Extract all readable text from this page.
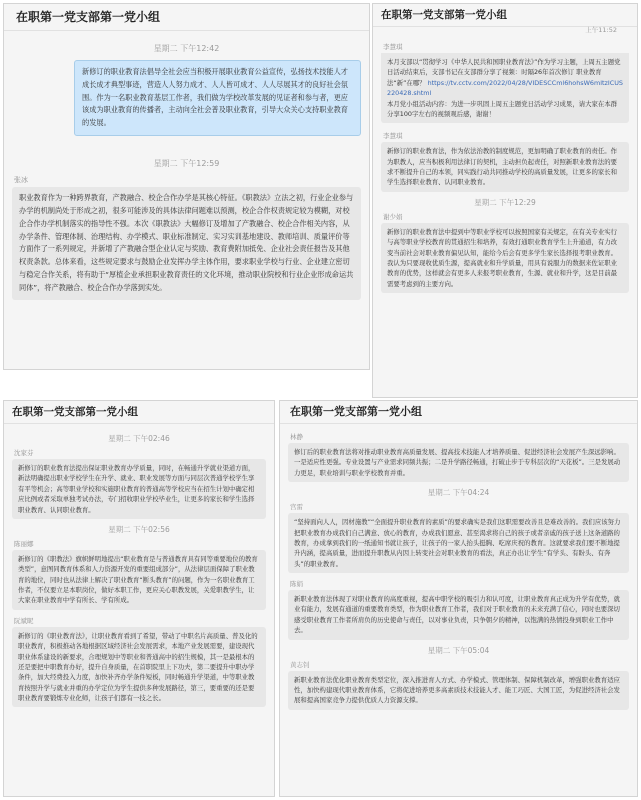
在职第一党支部第一党小组
星期二 下午12:42
新修订的职业教育法倡导全社会应当积极开展职业教育公益宣传，弘扬技术技能人才成长成才典型事迹，营造人人努力成才、人人皆可成才、人人尽展其才的良好社会氛围。作为一名职业教育基层工作者，我们做为学校改革发展的见证者和参与者，更应该成为职业教育的传播者，主动向全社会普及职业教育，引导大众关心支持职业教育的发展。
星期二 下午12:59
张冰
职业教育作为一种跨界教育，产教融合、校企合作办学是其核心特征。《职教法》立法之初，行业企业参与办学的机制尚处于形成之初，很多可能涉及的具体法律问题难以预测，校企合作权责规定较为模糊，对校企合作办学机制落实的指导性不强。本次《职教法》大幅修订及增加了产教融合、校企合作相关内容，从办学条件、管理体制、治理结构、办学模式、职业标准制定、实习实训基地建设、教师培训、质量评价等方面作了一系列规定，并新增了产教融合型企业认定与奖励、教育费附加抵免、企业社会责任报告及其他权责条款。总体来看，这些规定要求与鼓励企业发挥办学主体作用，要求职业学校与行业、企业建立密切与稳定合作关系，将有助于“厚植企业承担职业教育责任的文化环境，推动职业院校和行业企业形成命运共同体”，将产教融合、校企合作办学落到实处。
在职第一党支部第一党小组
上午11:52
李慧琪
本月支部以“贯彻学习《中华人民共和国职业教育法》”作为学习主题，上周五主题党日活动结束后，支部书记在支部群分享了视频：时隔26年首次修订 职业教育法“新”在哪？ https://tv.cctv.com/2022/04/28/VIDESCCml6hohsW6mltzICUS220428.shtml
本月党小组活动内容：为进一步巩固上周五主题党日活动学习成果，请大家在本群分享100字左右的视频观后感，谢谢！
李慧琪
新修订的职业教育法，作为依法治教的制度规范，更加明确了职业教育的责任。作为职教人，应当积极利用法律订的契机，主动担负起责任，对照新职业教育法的要求不断提升自己的本领，同实践行动共同推动学校的高质量发展，让更多的家长和学生选择职业教育、认同职业教育。
星期二 下午12:29
谢少娟
新修订的职业教育法中提到中等职业学校可以按照国家有关规定，在有关专业实行与高等职业学校教育的贯通招生和培养，有效打通职业教育学生上升通道，有力改变当前社会对职业教育偏见认知，能给今后会有更多学生家长选择报考职业教育。我认为只要现收优质生源，提高就业和升学质量，用具有说服力的数据来佐证职业教育的优势，这样就会有更多人来报考职业教育，生源、就业和升学，这是目前最需要考虑到的主要方向。
在职第一党支部第一党小组
星期二 下午02:46
沈家芬
新修订的职业教育法提出保证职业教育办学质量，同时，在畅通升学就业渠道方面，新法明确提出职业学校学生在升学、就业、职业发展等方面与同层次普通学校学生享有平等机会；高等职业学校和实施职业教育的普通高等学校应当在招生计划中确定相应比例或者采取单独考试办法，专门招收职业学校毕业生，让更多的家长和学生选择职业教育、认同职业教育。
星期二 下午02:56
陈丽娜
新修订的《职教法》旗帜鲜明地提出“职业教育是与普通教育具有同等重要地位的教育类型”，意图同教育体系和人力资源开发的重要组成部分”，从法律层面保障了职业教育的地位，同时也从法律上解决了职业教育“断头教育”的问题，作为一名职业教育工作者，不仅要立足本职岗位，做好本职工作，更应关心职教发展，关爱职教学生，让大家在职业教育中学有所长、学有所成。
阮斌昵
新修订的《职业教育法》，让职业教育看到了希望，带动了中职名片高质量、普及化的职业教育，积极推动各地根据区域经济社会发展需求，本地产业发展需要，建设现代职业体系建设的新要求，合理规划中等职业和普通高中的招生规模，其一是最根本的还是要把中职教育办好，提升自身质量，在首职院里上下功夫，第二要提升中职办学条件，加大经费投入力度，加快补齐办学条件短板，同时畅通升学渠道，中等职业教育按照升学与就业并重的办学定位为学生提供多种发展路径，第三，要重要的还是要职业教育要锻炼专业化师，让孩子们都有一技之长。
在职第一党支部第一党小组
林静
修订后的职业教育法将对推动职业教育高质量发展、提高技术技能人才培养质量、促进经济社会发展产生深远影响。一是适应性更强。专业设置与产业需求同频共振；二是升学路径畅通，打破止步于专科层次的“天花板”。三是发展动力更足，职业培训与职业学校教育并重。
星期二 下午04:24
宫雷
“坚持面向人人，因材施教”“全面提升职业教育的素质”的要求确实是我们这职需要改善且是难改善的。我们应该努力把职业教育办成我们自己满意、放心的教育，办成我们愿意、甚至渴求将自己的孩子或者亲戚的孩子送上这条道路的教育，办成拿到我们的一纸通知书就让孩子，让孩子的一家人抬头挺胸、吃席庆祝的教育。这就要求我们要不断地提升内涵，提高质量，进而提升职教从内因上转变社会对职业教育的看法，真正办出让学生“有学头、有盼头、有奔头”的职业教育。
陈娟
新职业教育法体现了对职业教育的高度重视，提高中职学校的吸引力和认可度，让职业教育真正成为升学有优势，就业有能力，发展有通道的重要教育类型，作为职业教育工作者，我们对于职业教育的未来充满了信心，同时也要深切感受职业教育工作者所肩负的历史使命与责任，以对事业负责，只争朝夕的精神，以饱满的热情投身到职业工作中去。
星期二 下午05:04
黄志钊
新职业教育法优化职业教育类型定位，深入推进育人方式、办学模式、管理体制、保障机制改革，增强职业教育适应性，加快构建现代职业教育体系，它将促进培养更多高素质技术技能人才、能工巧匠、大国工匠，为促进经济社会发展和提高国家竞争力提供优质人力资源支撑。
